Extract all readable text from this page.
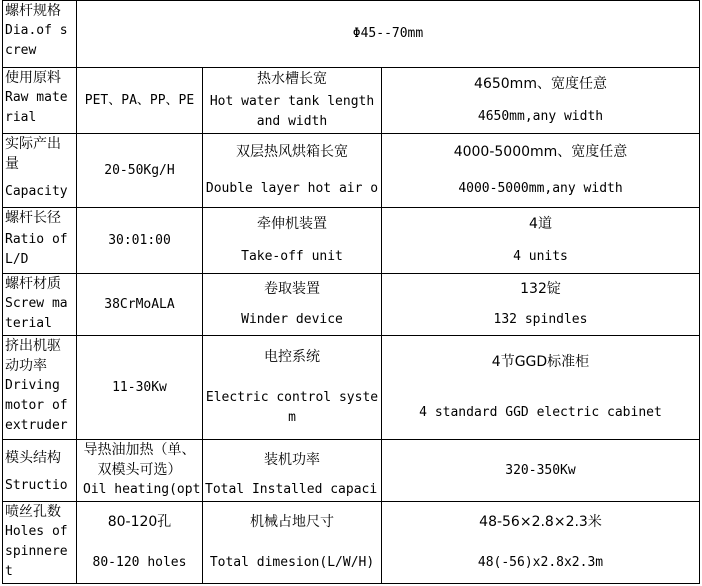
螺杆规格
Dia.of screw
Φ45--70mm
使用原料
Raw material
PET、PA、PP、PE
热水槽长宽
Hot water tank length and width
4650mm、宽度任意
4650mm,any width
实际产出量
Capacity
20-50Kg/H
双层热风烘箱长宽
Double layer hot air o
4000-5000mm、宽度任意
4000-5000mm,any width
螺杆长径
Ratio of L/D
30:01:00
牵伸机装置
Take-off unit
4道
4 units
螺杆材质
Screw material
38CrMoALA
卷取装置
Winder device
132锭
132 spindles
挤出机驱动功率
Driving motor of extruder
11-30Kw
电控系统
Electric control system
4节GGD标准柜
4 standard GGD electric cabinet
模头结构
Structio
导热油加热（单、双模头可选）
Oil heating(opt
装机功率
Total Installed capaci
320-350Kw
喷丝孔数
Holes of spinneret
80-120孔
80-120 holes
机械占地尺寸
Total dimesion(L/W/H)
48-56×2.8×2.3米
48(-56)x2.8x2.3m
